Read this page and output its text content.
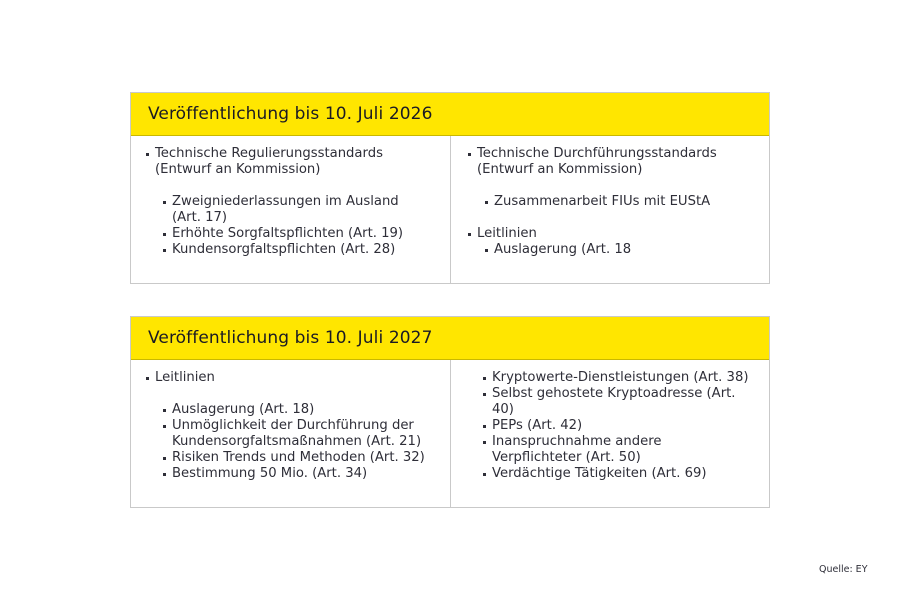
Veröffentlichung bis 10. Juli 2026
Technische Regulierungsstandards
(Entwurf an Kommission)
Zweigniederlassungen im Ausland
(Art. 17)
Erhöhte Sorgfaltspflichten (Art. 19)
Kundensorgfaltspflichten (Art. 28)
Technische Durchführungsstandards
(Entwurf an Kommission)
Zusammenarbeit FIUs mit EUStA
Leitlinien
Auslagerung (Art. 18
Veröffentlichung bis 10. Juli 2027
Leitlinien
Auslagerung (Art. 18)
Unmöglichkeit der Durchführung der
Kundensorgfaltsmaßnahmen (Art. 21)
Risiken Trends und Methoden (Art. 32)
Bestimmung 50 Mio. (Art. 34)
Kryptowerte-Dienstleistungen (Art. 38)
Selbst gehostete Kryptoadresse (Art.
40)
PEPs (Art. 42)
Inanspruchnahme andere
Verpflichteter (Art. 50)
Verdächtige Tätigkeiten (Art. 69)
Quelle: EY
